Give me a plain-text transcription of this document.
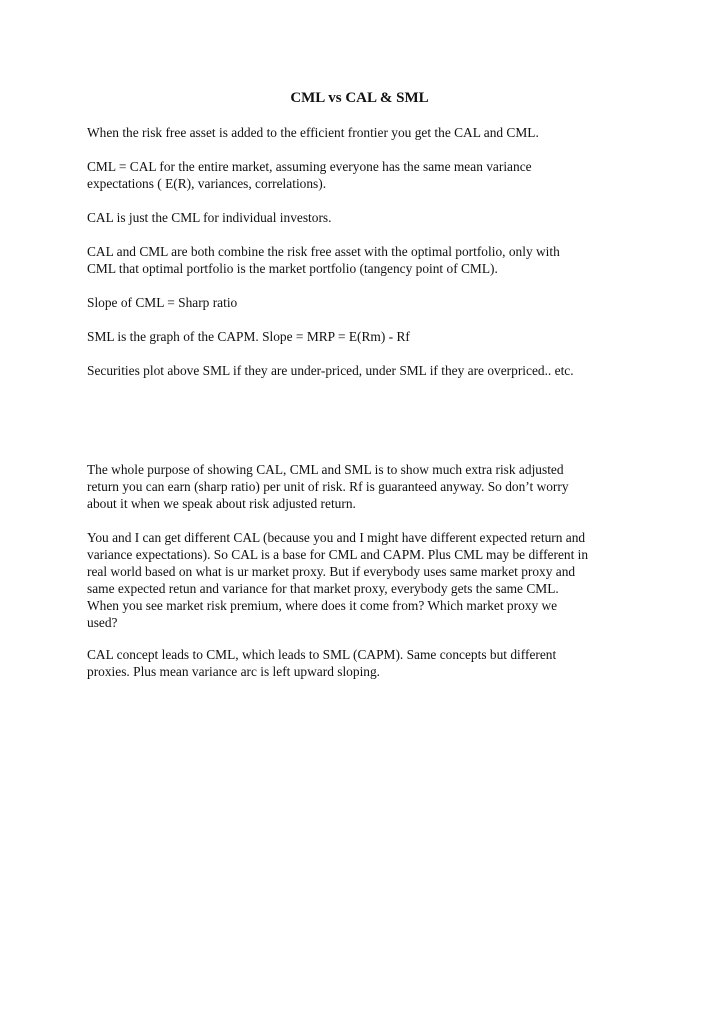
CML vs CAL & SML

When the risk free asset is added to the efficient frontier you get the CAL and CML.

CML = CAL for the entire market, assuming everyone has the same mean variance
expectations ( E(R), variances, correlations).

CAL is just the CML for individual investors.

CAL and CML are both combine the risk free asset with the optimal portfolio, only with
CML that optimal portfolio is the market portfolio (tangency point of CML).

Slope of CML = Sharp ratio

SML is the graph of the CAPM. Slope = MRP = E(Rm) - Rf

Securities plot above SML if they are under-priced, under SML if they are overpriced.. etc.

The whole purpose of showing CAL, CML and SML is to show much extra risk adjusted
return you can earn (sharp ratio) per unit of risk. Rf is guaranteed anyway. So don’t worry
about it when we speak about risk adjusted return.

You and I can get different CAL (because you and I might have different expected return and
variance expectations). So CAL is a base for CML and CAPM. Plus CML may be different in
real world based on what is ur market proxy. But if everybody uses same market proxy and
same expected retun and variance for that market proxy, everybody gets the same CML.
When you see market risk premium, where does it come from? Which market proxy we
used?

CAL concept leads to CML, which leads to SML (CAPM). Same concepts but different
proxies. Plus mean variance arc is left upward sloping.
